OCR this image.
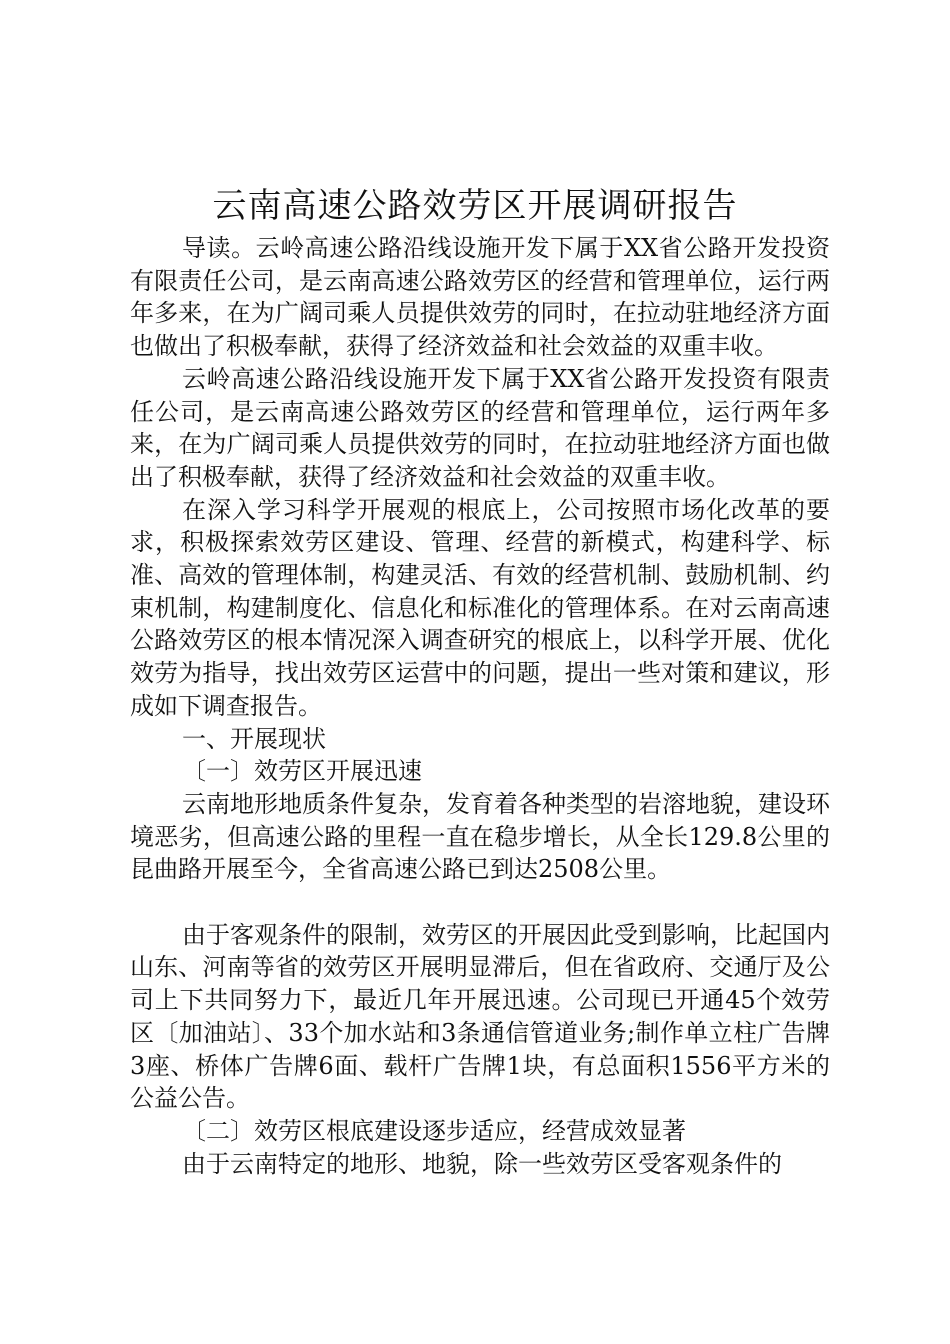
云南高速公路效劳区开展调研报告

导读。云岭高速公路沿线设施开发下属于XX省公路开发投资有限责任公司，是云南高速公路效劳区的经营和管理单位，运行两年多来，在为广阔司乘人员提供效劳的同时，在拉动驻地经济方面也做出了积极奉献，获得了经济效益和社会效益的双重丰收。

云岭高速公路沿线设施开发下属于XX省公路开发投资有限责任公司，是云南高速公路效劳区的经营和管理单位，运行两年多来，在为广阔司乘人员提供效劳的同时，在拉动驻地经济方面也做出了积极奉献，获得了经济效益和社会效益的双重丰收。

在深入学习科学开展观的根底上，公司按照市场化改革的要求，积极探索效劳区建设、管理、经营的新模式，构建科学、标准、高效的管理体制，构建灵活、有效的经营机制、鼓励机制、约束机制，构建制度化、信息化和标准化的管理体系。在对云南高速公路效劳区的根本情况深入调查研究的根底上，以科学开展、优化效劳为指导，找出效劳区运营中的问题，提出一些对策和建议，形成如下调查报告。

一、开展现状

〔一〕效劳区开展迅速

云南地形地质条件复杂，发育着各种类型的岩溶地貌，建设环境恶劣，但高速公路的里程一直在稳步增长，从全长129.8公里的昆曲路开展至今，全省高速公路已到达2508公里。

由于客观条件的限制，效劳区的开展因此受到影响，比起国内山东、河南等省的效劳区开展明显滞后，但在省政府、交通厅及公司上下共同努力下，最近几年开展迅速。公司现已开通45个效劳区〔加油站〕、33个加水站和3条通信管道业务;制作单立柱广告牌3座、桥体广告牌6面、载杆广告牌1块，有总面积1556平方米的公益公告。

〔二〕效劳区根底建设逐步适应，经营成效显著

由于云南特定的地形、地貌，除一些效劳区受客观条件的
